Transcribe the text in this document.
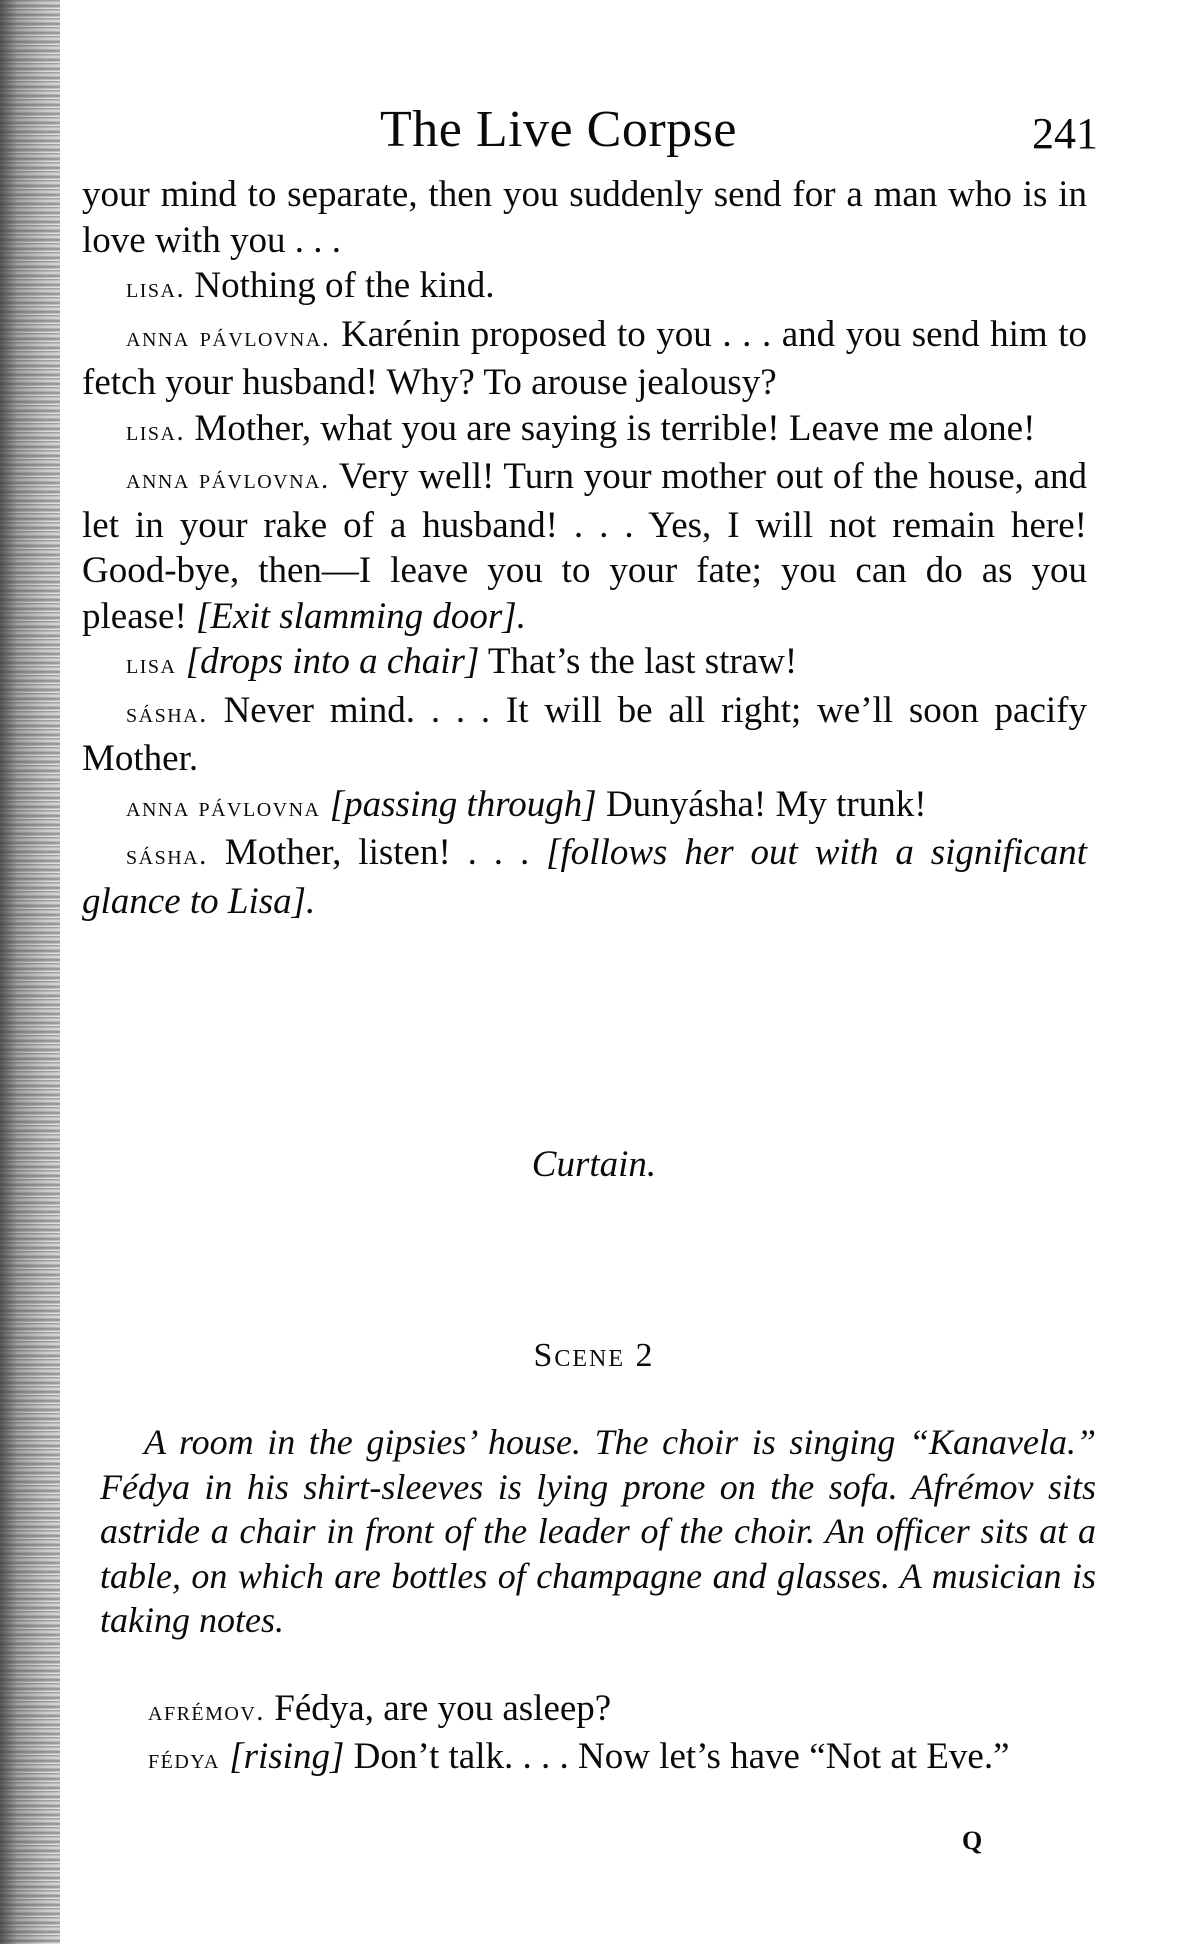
The Live Corpse	241

your mind to separate, then you suddenly send for a man who is in love with you . . .

lisa. Nothing of the kind.

anna pávlovna. Karénin proposed to you . . . and you send him to fetch your husband! Why? To arouse jealousy?

lisa. Mother, what you are saying is terrible! Leave me alone!

anna pávlovna. Very well! Turn your mother out of the house, and let in your rake of a husband! . . . Yes, I will not remain here! Good-bye, then—I leave you to your fate; you can do as you please! [Exit slamming door].

lisa [drops into a chair] That’s the last straw!

sásha. Never mind. . . . It will be all right; we’ll soon pacify Mother.

anna pávlovna [passing through] Dunyásha! My trunk!

sásha. Mother, listen! . . . [follows her out with a significant glance to Lisa].

Curtain.
Scene 2

A room in the gipsies’ house. The choir is singing “Kanavela.” Fédya in his shirt-sleeves is lying prone on the sofa. Afrémov sits astride a chair in front of the leader of the choir. An officer sits at a table, on which are bottles of champagne and glasses. A musician is taking notes.

afrémov. Fédya, are you asleep?

fédya [rising] Don’t talk. . . . Now let’s have “Not at Eve.”

Q
